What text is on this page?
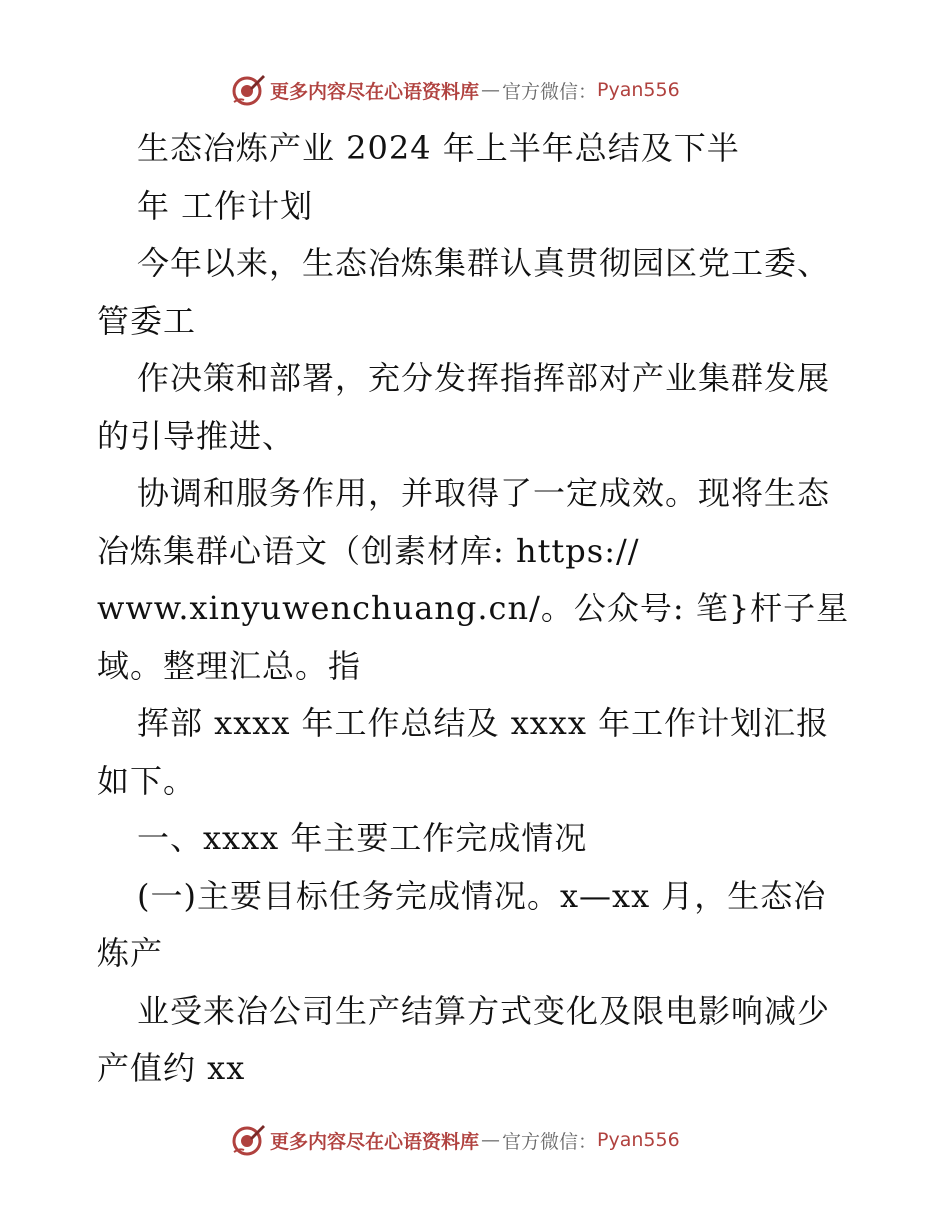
更多内容尽在心语资料库 — 官方微信： Pyan556
生态冶炼产业 2024 年上半年总结及下半
年 工作计划
今年以来，生态冶炼集群认真贯彻园区党工委、
管委工
作决策和部署，充分发挥指挥部对产业集群发展
的引导推进、
协调和服务作用，并取得了一定成效。现将生态
冶炼集群心语文（创素材库: https://
www.xinyuwenchuang.cn/。公众号: 笔}杆子星
域。整理汇总。指
挥部 xxxx 年工作总结及 xxxx 年工作计划汇报
如下。
一、xxxx 年主要工作完成情况
(一)主要目标任务完成情况。x—xx 月，生态冶
炼产
业受来冶公司生产结算方式变化及限电影响减少
产值约 xx
更多内容尽在心语资料库 — 官方微信： Pyan556
